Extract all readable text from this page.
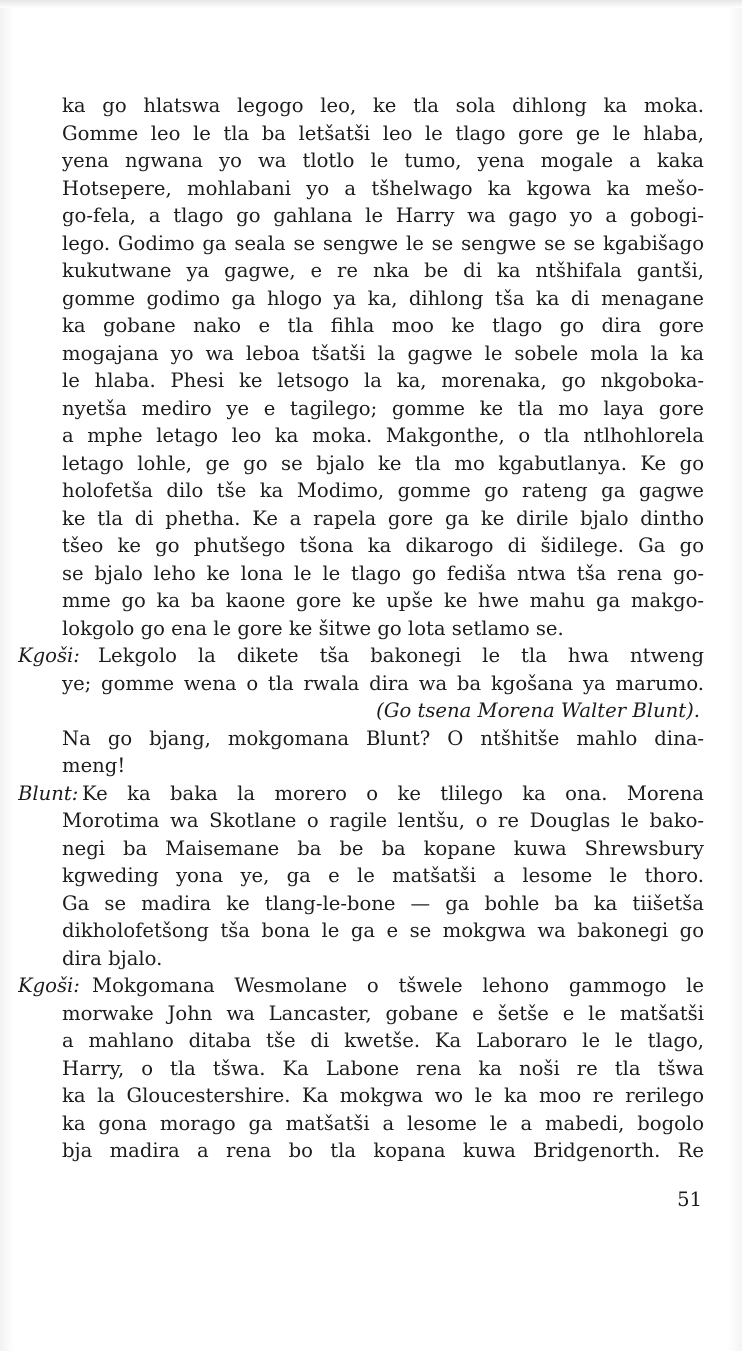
ka go hlatswa legogo leo, ke tla sola dihlong ka moka.
Gomme leo le tla ba letšatši leo le tlago gore ge le hlaba,
yena ngwana yo wa tlotlo le tumo, yena mogale a kaka
Hotsepere, mohlabani yo a tšhelwago ka kgowa ka mešo-
go-fela, a tlago go gahlana le Harry wa gago yo a gobogi-
lego. Godimo ga seala se sengwe le se sengwe se se kgabišago
kukutwane ya gagwe, e re nka be di ka ntšhifala gantši,
gomme godimo ga hlogo ya ka, dihlong tša ka di menagane
ka gobane nako e tla fihla moo ke tlago go dira gore
mogajana yo wa leboa tšatši la gagwe le sobele mola la ka
le hlaba. Phesi ke letsogo la ka, morenaka, go nkgoboka-
nyetša mediro ye e tagilego; gomme ke tla mo laya gore
a mphe letago leo ka moka. Makgonthe, o tla ntlhohlorela
letago lohle, ge go se bjalo ke tla mo kgabutlanya. Ke go
holofetša dilo tše ka Modimo, gomme go rateng ga gagwe
ke tla di phetha. Ke a rapela gore ga ke dirile bjalo dintho
tšeo ke go phutšego tšona ka dikarogo di šidilege. Ga go
se bjalo leho ke lona le le tlago go fediša ntwa tša rena go-
mme go ka ba kaone gore ke upše ke hwe mahu ga makgo-
lokgolo go ena le gore ke šitwe go lota setlamo se.
Kgoši: Lekgolo la dikete tša bakonegi le tla hwa ntweng
ye; gomme wena o tla rwala dira wa ba kgošana ya marumo.
(Go tsena Morena Walter Blunt).
Na go bjang, mokgomana Blunt? O ntšhitše mahlo dina-
meng!
Blunt: Ke ka baka la morero o ke tlilego ka ona. Morena
Morotima wa Skotlane o ragile lentšu, o re Douglas le bako-
negi ba Maisemane ba be ba kopane kuwa Shrewsbury
kgweding yona ye, ga e le matšatši a lesome le thoro.
Ga se madira ke tlang-le-bone — ga bohle ba ka tiišetša
dikholofetšong tša bona le ga e se mokgwa wa bakonegi go
dira bjalo.
Kgoši: Mokgomana Wesmolane o tšwele lehono gammogo le
morwake John wa Lancaster, gobane e šetše e le matšatši
a mahlano ditaba tše di kwetše. Ka Laboraro le le tlago,
Harry, o tla tšwa. Ka Labone rena ka noši re tla tšwa
ka la Gloucestershire. Ka mokgwa wo le ka moo re rerilego
ka gona morago ga matšatši a lesome le a mabedi, bogolo
bja madira a rena bo tla kopana kuwa Bridgenorth. Re
51
